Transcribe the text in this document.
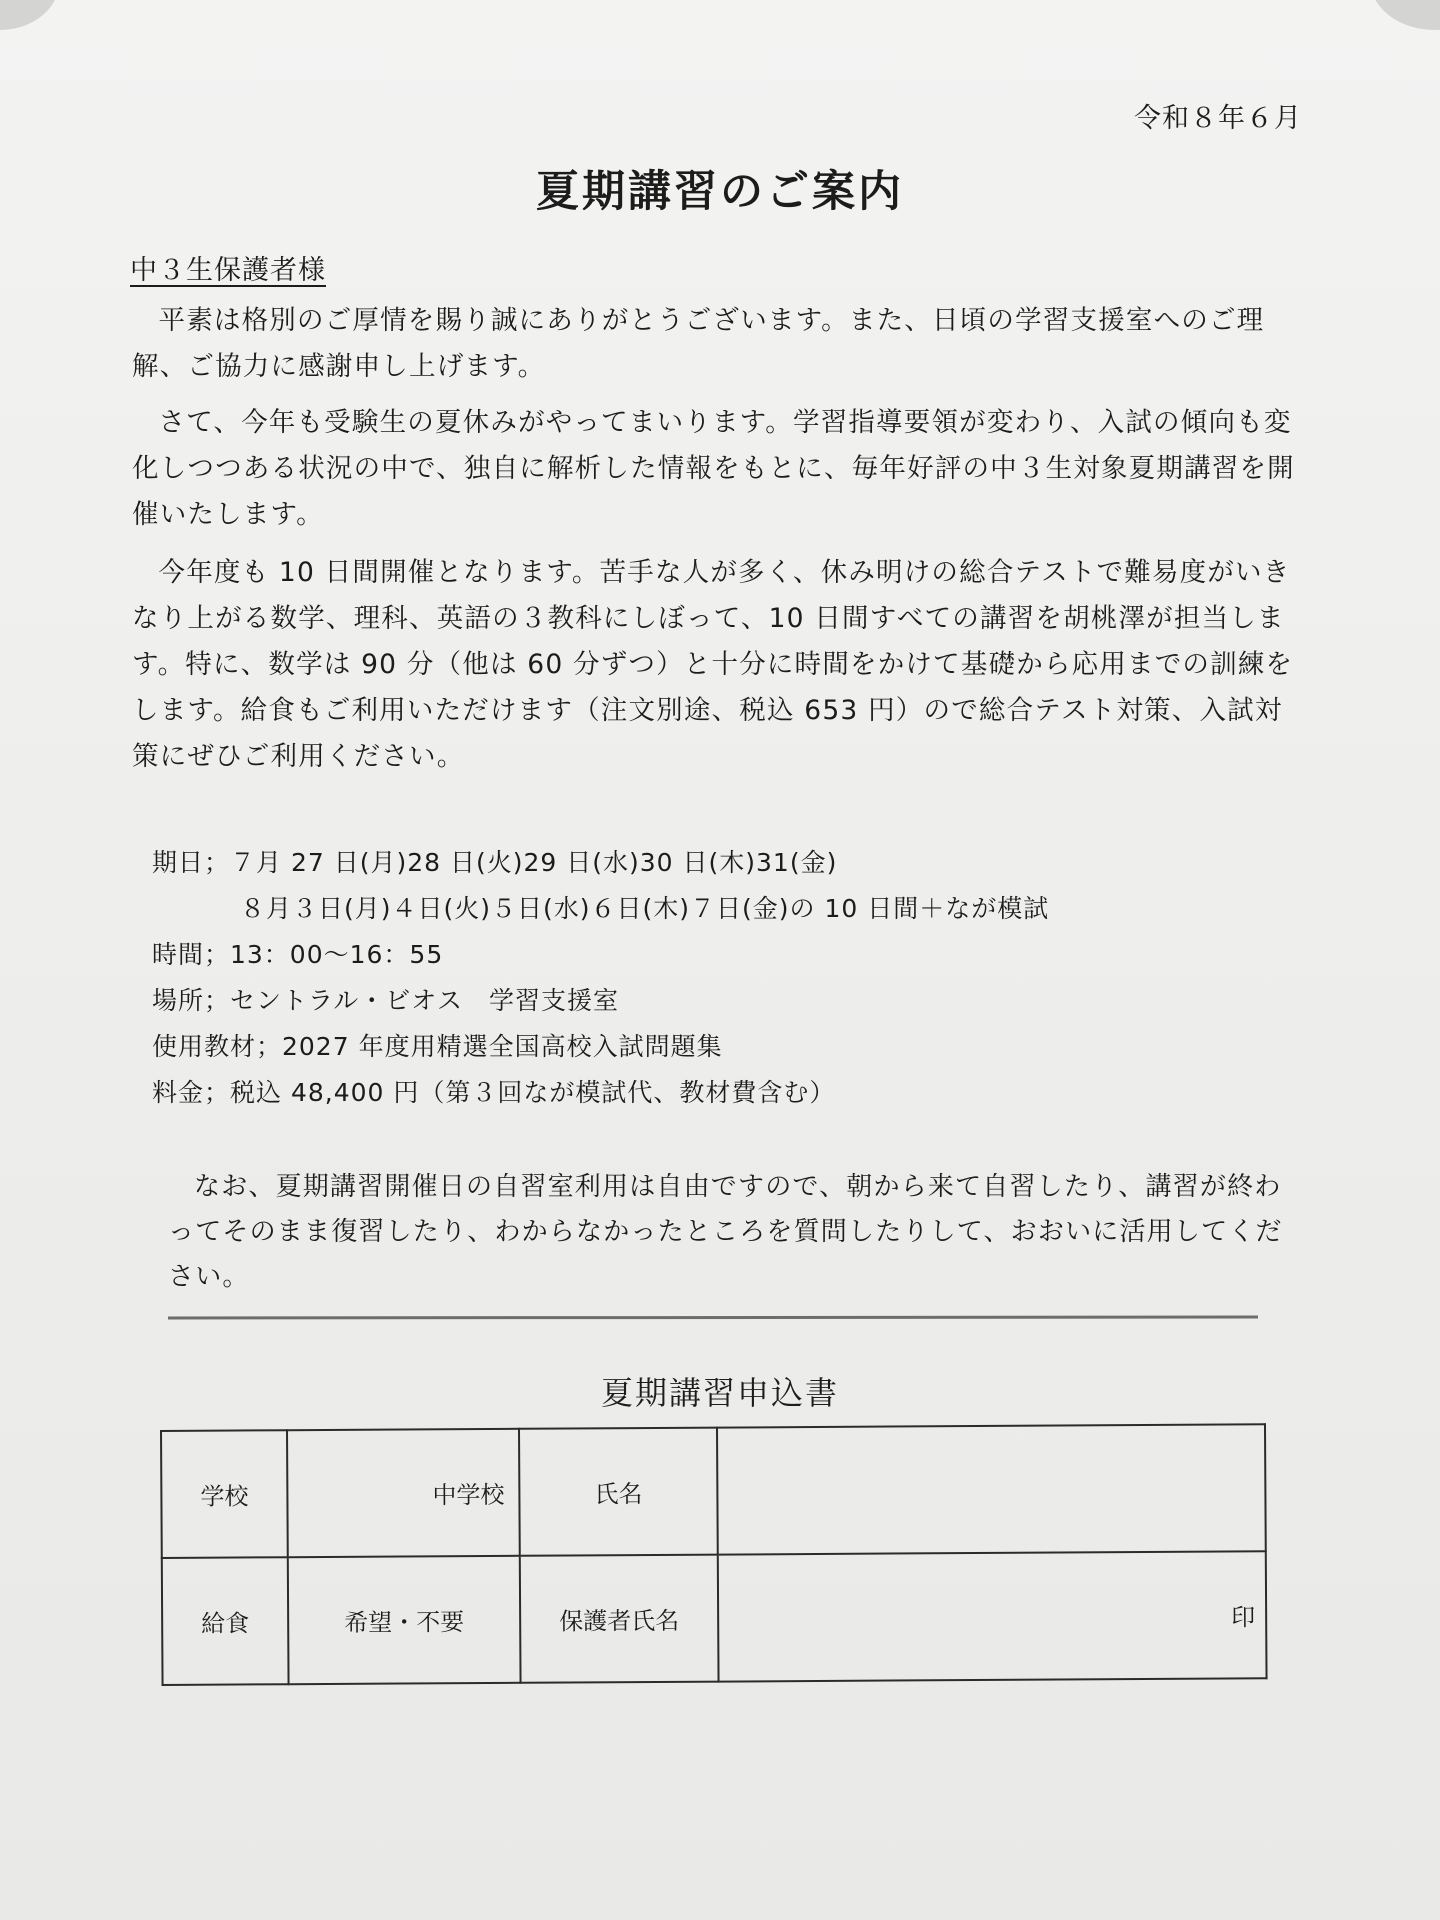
令和８年６月
夏期講習のご案内
中３生保護者様

平素は格別のご厚情を賜り誠にありがとうございます。また、日頃の学習支援室へのご理解、ご協力に感謝申し上げます。

さて、今年も受験生の夏休みがやってまいります。学習指導要領が変わり、入試の傾向も変化しつつある状況の中で、独自に解析した情報をもとに、毎年好評の中３生対象夏期講習を開催いたします。

今年度も 10 日間開催となります。苦手な人が多く、休み明けの総合テストで難易度がいきなり上がる数学、理科、英語の３教科にしぼって、10 日間すべての講習を胡桃澤が担当します。特に、数学は 90 分（他は 60 分ずつ）と十分に時間をかけて基礎から応用までの訓練をします。給食もご利用いただけます（注文別途、税込 653 円）ので総合テスト対策、入試対策にぜひご利用ください。

期日；７月 27 日(月)28 日(火)29 日(水)30 日(木)31(金)
８月３日(月)４日(火)５日(水)６日(木)７日(金)の 10 日間＋なが模試
時間；13：00〜16：55
場所；セントラル・ビオス　学習支援室
使用教材；2027 年度用精選全国高校入試問題集
料金；税込 48,400 円（第３回なが模試代、教材費含む）

なお、夏期講習開催日の自習室利用は自由ですので、朝から来て自習したり、講習が終わってそのまま復習したり、わからなかったところを質問したりして、おおいに活用してください。

夏期講習申込書
学校	中学校	氏名	
給食	希望・不要	保護者氏名	印
